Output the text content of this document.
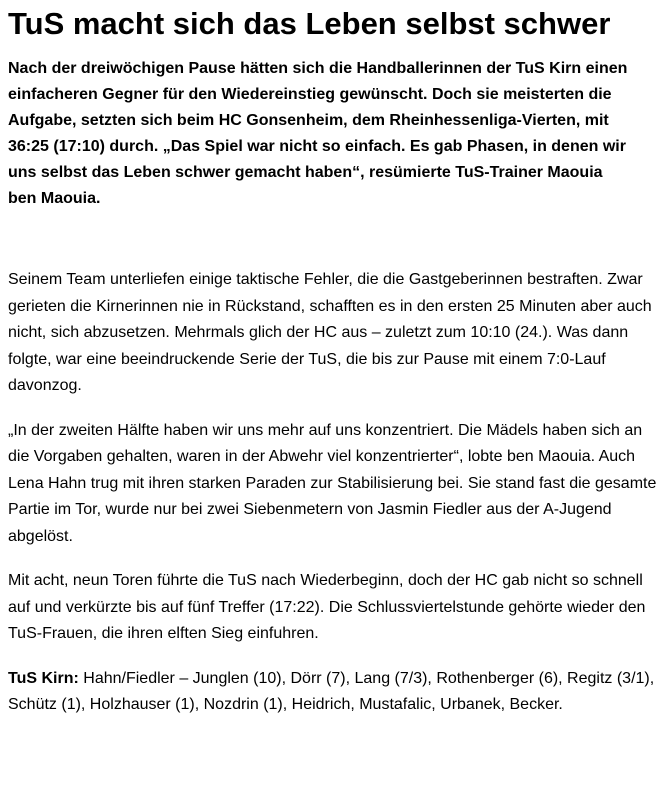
TuS macht sich das Leben selbst schwer

Nach der dreiwöchigen Pause hätten sich die Handballerinnen der TuS Kirn einen einfacheren Gegner für den Wiedereinstieg gewünscht. Doch sie meisterten die Aufgabe, setzten sich beim HC Gonsenheim, dem Rheinhessenliga-Vierten, mit 36:25 (17:10) durch. „Das Spiel war nicht so einfach. Es gab Phasen, in denen wir uns selbst das Leben schwer gemacht haben“, resümierte TuS-Trainer Maouia ben Maouia.

Seinem Team unterliefen einige taktische Fehler, die die Gastgeberinnen bestraften. Zwar gerieten die Kirnerinnen nie in Rückstand, schafften es in den ersten 25 Minuten aber auch nicht, sich abzusetzen. Mehrmals glich der HC aus – zuletzt zum 10:10 (24.). Was dann folgte, war eine beeindruckende Serie der TuS, die bis zur Pause mit einem 7:0-Lauf davonzog.

„In der zweiten Hälfte haben wir uns mehr auf uns konzentriert. Die Mädels haben sich an die Vorgaben gehalten, waren in der Abwehr viel konzentrierter“, lobte ben Maouia. Auch Lena Hahn trug mit ihren starken Paraden zur Stabilisierung bei. Sie stand fast die gesamte Partie im Tor, wurde nur bei zwei Siebenmetern von Jasmin Fiedler aus der A-Jugend abgelöst.

Mit acht, neun Toren führte die TuS nach Wiederbeginn, doch der HC gab nicht so schnell auf und verkürzte bis auf fünf Treffer (17:22). Die Schlussviertelstunde gehörte wieder den TuS-Frauen, die ihren elften Sieg einfuhren.

TuS Kirn: Hahn/Fiedler – Junglen (10), Dörr (7), Lang (7/3), Rothenberger (6), Regitz (3/1), Schütz (1), Holzhauser (1), Nozdrin (1), Heidrich, Mustafalic, Urbanek, Becker.
